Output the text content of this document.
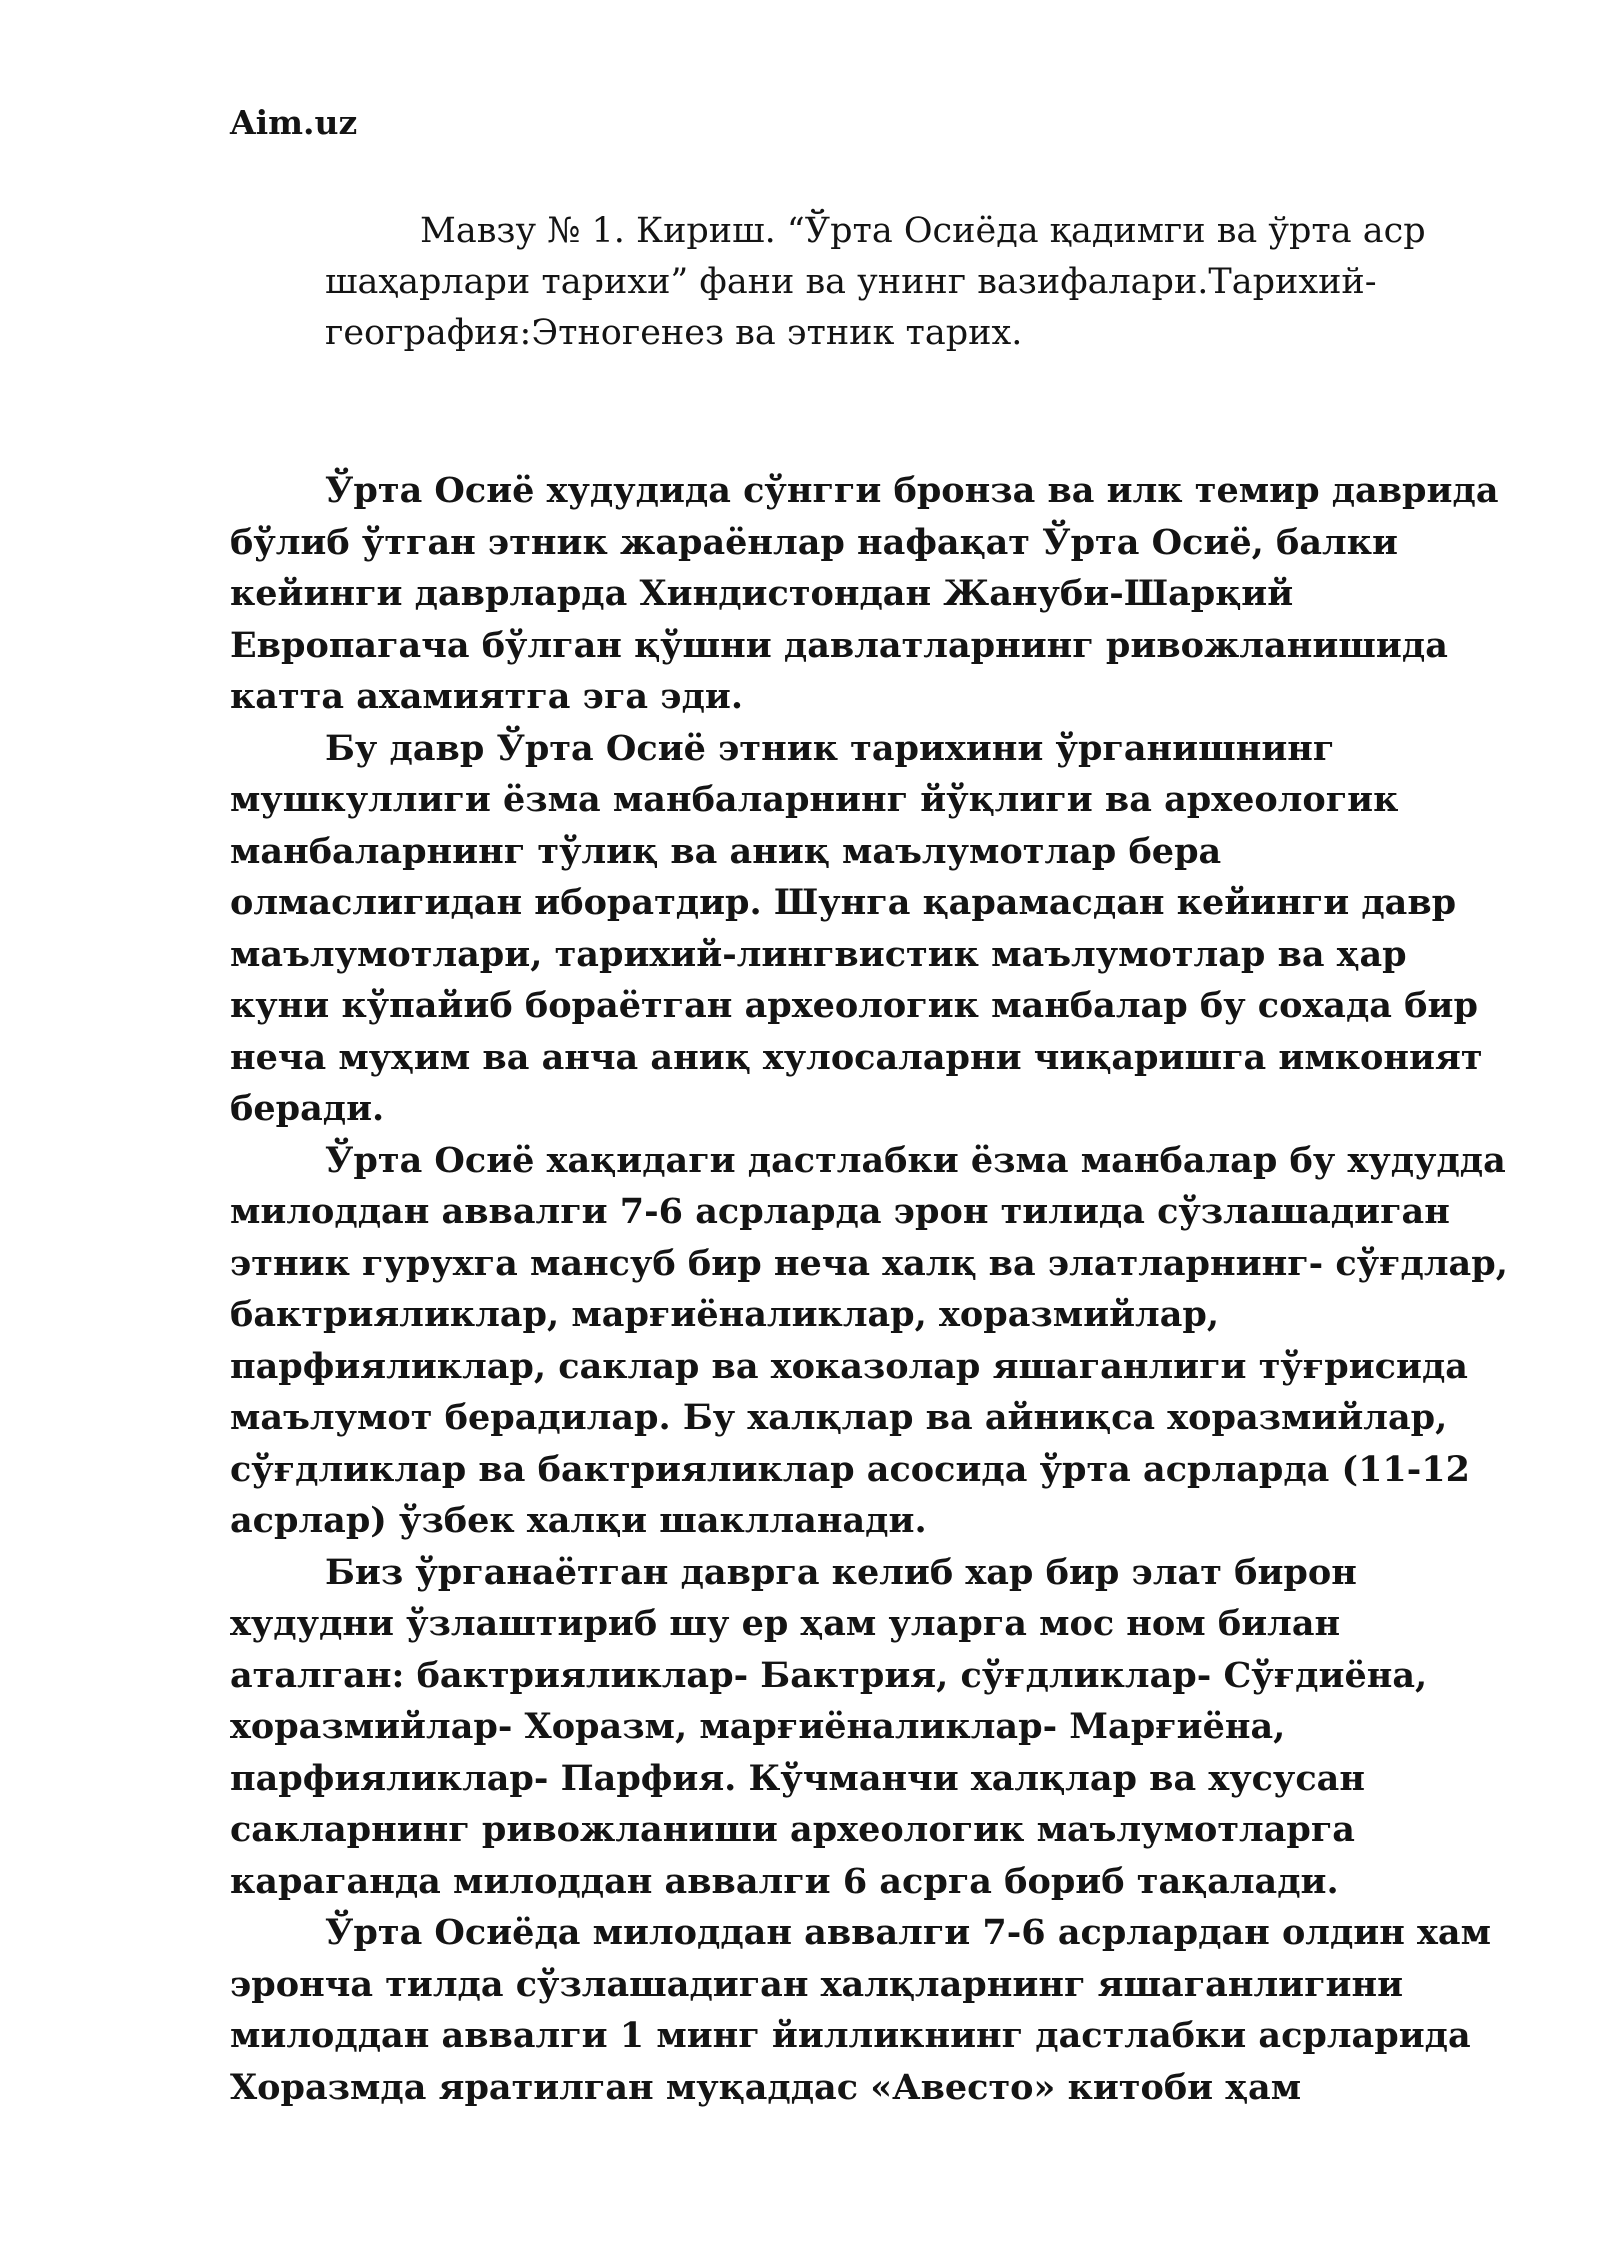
Aim.uz
Мавзу № 1. Кириш. “Ўрта Осиёда қадимги ва ўрта аср
шаҳарлари тарихи” фани ва унинг вазифалари.Тарихий-
география:Этногенез ва этник тарих.
Ўрта Осиё худудида сўнгги бронза ва илк темир даврида
бўлиб ўтган этник жараёнлар нафақат Ўрта Осиё, балки
кейинги даврларда Хиндистондан Жануби-Шарқий
Европагача бўлган қўшни давлатларнинг ривожланишида
катта ахамиятга эга эди.
Бу давр Ўрта Осиё этник тарихини ўрганишнинг
мушкуллиги ёзма манбаларнинг йўқлиги ва археологик
манбаларнинг тўлиқ ва аниқ маълумотлар бера
олмаслигидан иборатдир. Шунга қарамасдан кейинги давр
маълумотлари, тарихий-лингвистик маълумотлар ва ҳар
куни кўпайиб бораётган археологик манбалар бу сохада бир
неча муҳим ва анча аниқ хулосаларни чиқаришга имконият
беради.
Ўрта Осиё хақидаги дастлабки ёзма манбалар бу худудда
милоддан аввалги 7-6 асрларда эрон тилида сўзлашадиган
этник гурухга мансуб бир неча халқ ва элатларнинг- сўғдлар,
бактрияликлар, марғиёналиклар, хоразмийлар,
парфияликлар, саклар ва хоказолар яшаганлиги тўғрисида
маълумот берадилар. Бу халқлар ва айниқса хоразмийлар,
сўғдликлар ва бактрияликлар асосида ўрта асрларда (11-12
асрлар) ўзбек халқи шаклланади.
Биз ўрганаётган даврга келиб хар бир элат бирон
худудни ўзлаштириб шу ер ҳам уларга мос ном билан
аталган: бактрияликлар- Бактрия, сўғдликлар- Сўғдиёна,
хоразмийлар- Хоразм, марғиёналиклар- Марғиёна,
парфияликлар- Парфия. Кўчманчи халқлар ва хусусан
сакларнинг ривожланиши археологик маълумотларга
караганда милоддан аввалги 6 асрга бориб тақалади.
Ўрта Осиёда милоддан аввалги 7-6 асрлардан олдин хам
эронча тилда сўзлашадиган халқларнинг яшаганлигини
милоддан аввалги 1 минг йилликнинг дастлабки асрларида
Хоразмда яратилган муқаддас «Авесто» китоби ҳам
